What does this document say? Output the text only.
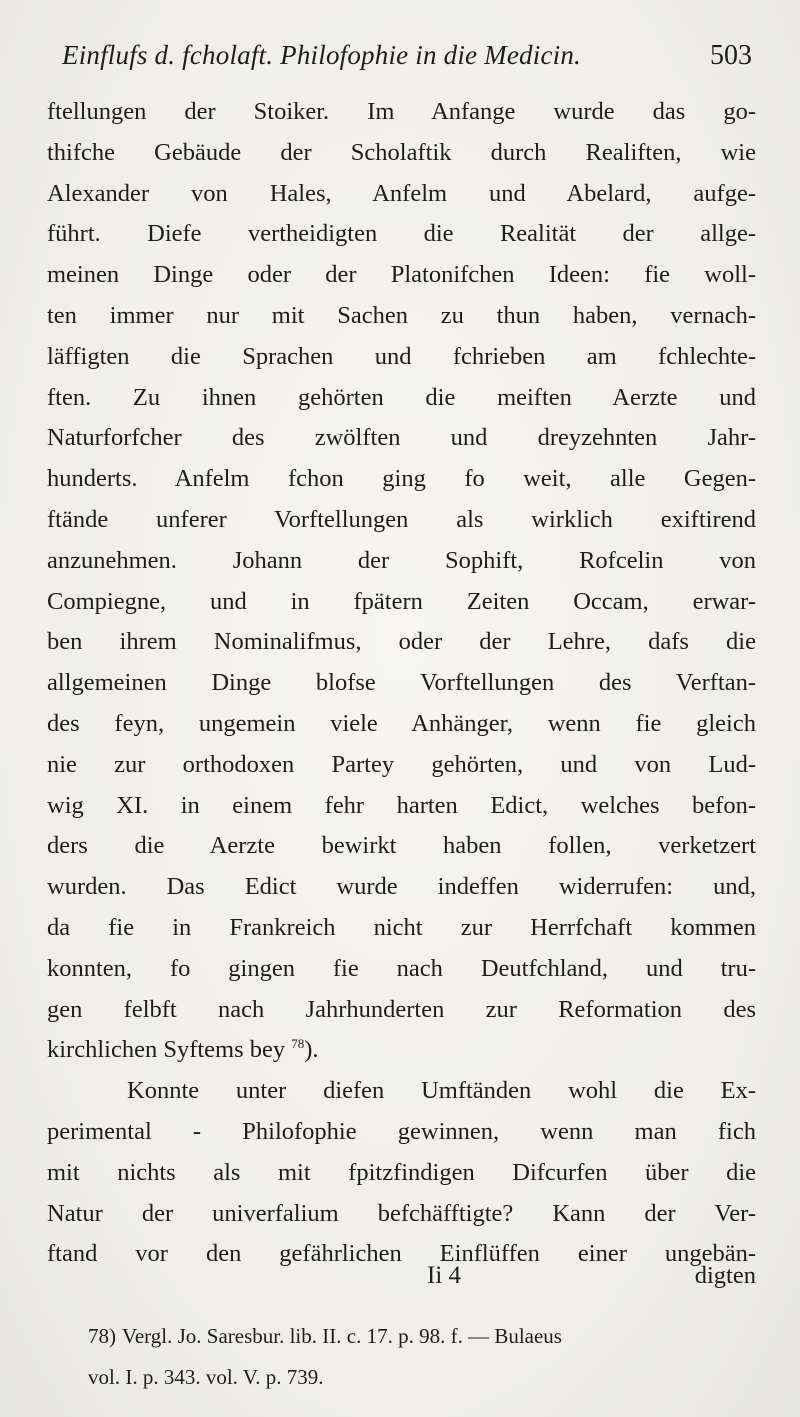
Einflufs d. fcholaft. Philofophie in die Medicin.	503
ftellungen der Stoiker. Im Anfange wurde das go-
thifche Gebäude der Scholaftik durch Realiften, wie
Alexander von Hales, Anfelm und Abelard, aufge-
führt. Diefe vertheidigten die Realität der allge-
meinen Dinge oder der Platonifchen Ideen: fie woll-
ten immer nur mit Sachen zu thun haben, vernach-
läffigten die Sprachen und fchrieben am fchlechte-
ften. Zu ihnen gehörten die meiften Aerzte und
Naturforfcher des zwölften und dreyzehnten Jahr-
hunderts. Anfelm fchon ging fo weit, alle Gegen-
ftände unferer Vorftellungen als wirklich exiftirend
anzunehmen. Johann der Sophift, Rofcelin von
Compiegne, und in fpätern Zeiten Occam, erwar-
ben ihrem Nominalifmus, oder der Lehre, dafs die
allgemeinen Dinge blofse Vorftellungen des Verftan-
des feyn, ungemein viele Anhänger, wenn fie gleich
nie zur orthodoxen Partey gehörten, und von Lud-
wig XI. in einem fehr harten Edict, welches befon-
ders die Aerzte bewirkt haben follen, verketzert
wurden. Das Edict wurde indeffen widerrufen: und,
da fie in Frankreich nicht zur Herrfchaft kommen
konnten, fo gingen fie nach Deutfchland, und tru-
gen felbft nach Jahrhunderten zur Reformation des
kirchlichen Syftems bey $^{78}$).
Konnte unter diefen Umftänden wohl die Ex-
perimental - Philofophie gewinnen, wenn man fich
mit nichts als mit fpitzfindigen Difcurfen über die
Natur der univerfalium befchäfftigte? Kann der Ver-
ftand vor den gefährlichen Einflüffen einer ungebän-
Ii 4	digten
78) Vergl. Jo. Saresbur. lib. II. c. 17. p. 98. f. — Bulaeus
vol. I. p. 343. vol. V. p. 739.
